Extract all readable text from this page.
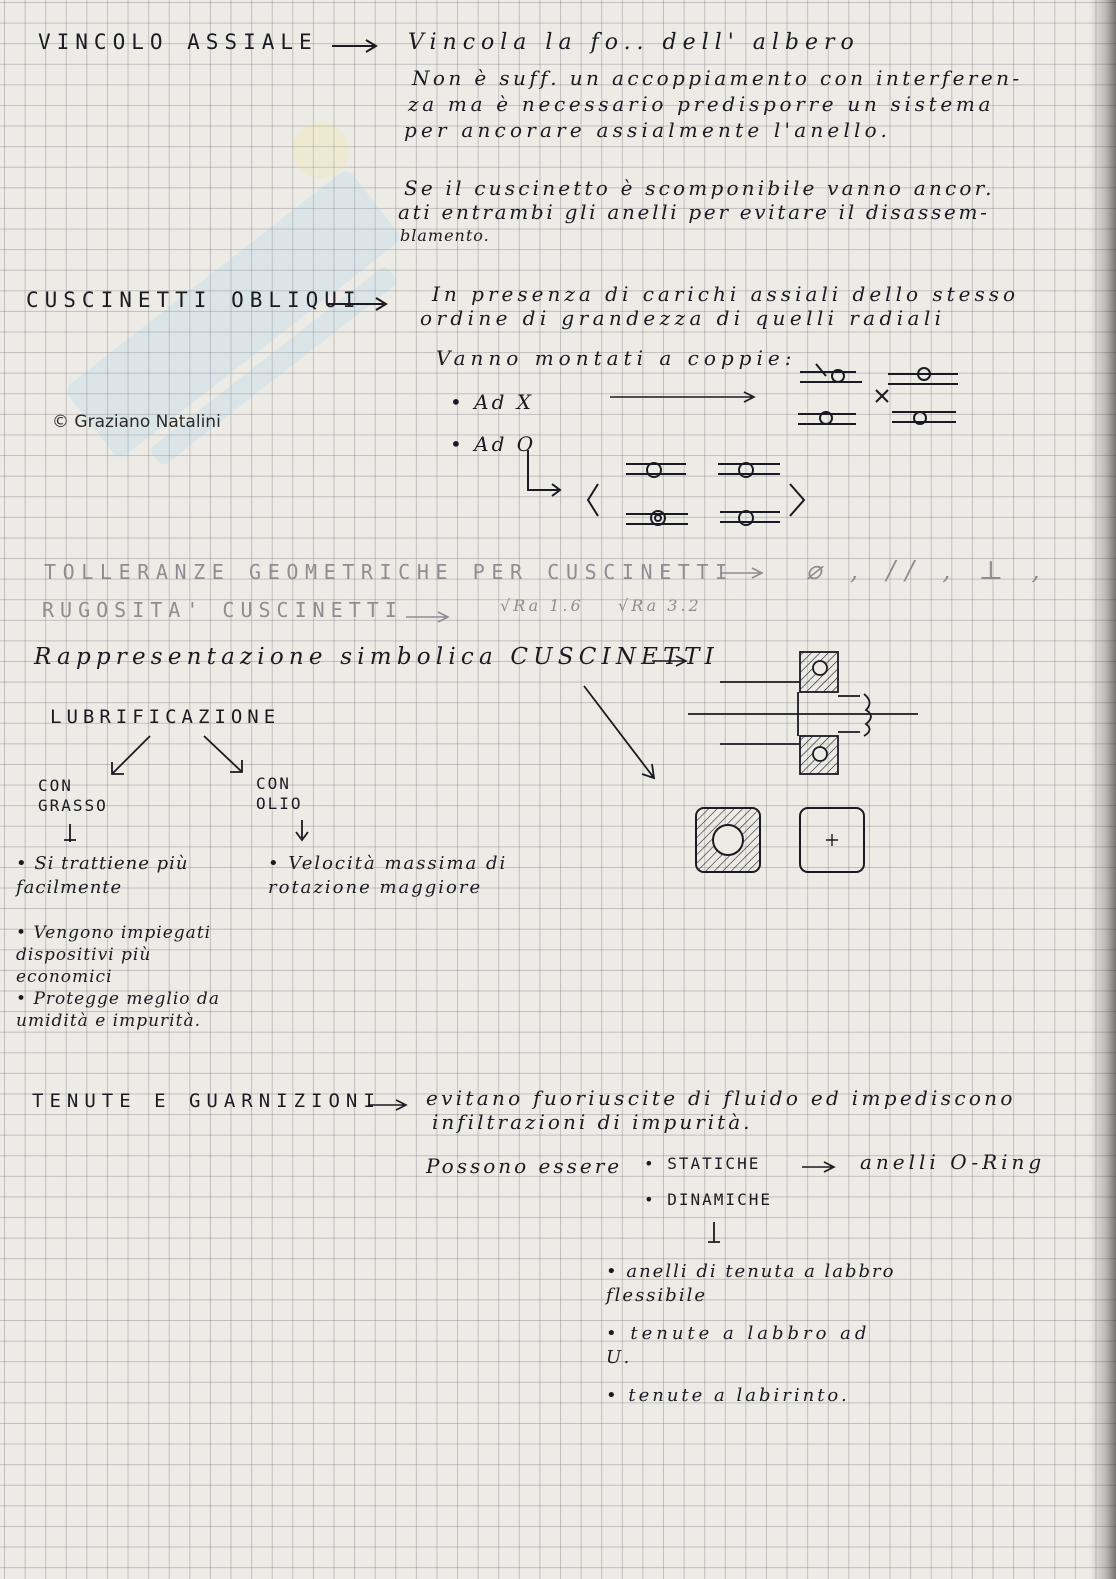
VINCOLO ASSIALE	Vincola la fo.. dell' albero
Non è suff. un accoppiamento con interferen-
za ma è necessario predisporre un sistema
per ancorare assialmente l'anello.
Se il cuscinetto è scomponibile vanno ancor.
ati entrambi gli anelli per evitare il disassem-
blamento.
CUSCINETTI OBLIQUI	In presenza di carichi assiali dello stesso
ordine di grandezza di quelli radiali
Vanno montati a coppie:
• Ad X
• Ad O
© Graziano Natalini
TOLLERANZE GEOMETRICHE PER CUSCINETTI	⌀ , // , ⊥ ,
RUGOSITA' CUSCINETTI	√Ra 1.6 √Ra 3.2
Rappresentazione simbolica CUSCINETTI
LUBRIFICAZIONE
CON GRASSO
CON OLIO
• Si trattiene più facilmente
• Vengono impiegati dispositivi più economici
• Protegge meglio da umidità e impurità.
• Velocità massima di rotazione maggiore
TENUTE E GUARNIZIONI evitano fuoriuscite di fluido ed impediscono
infiltrazioni di impurità.
Possono essere • STATICHE	anelli O-Ring
• DINAMICHE
• anelli di tenuta a labbro flessibile
• tenute a labbro ad U.
• tenute a labirinto.
